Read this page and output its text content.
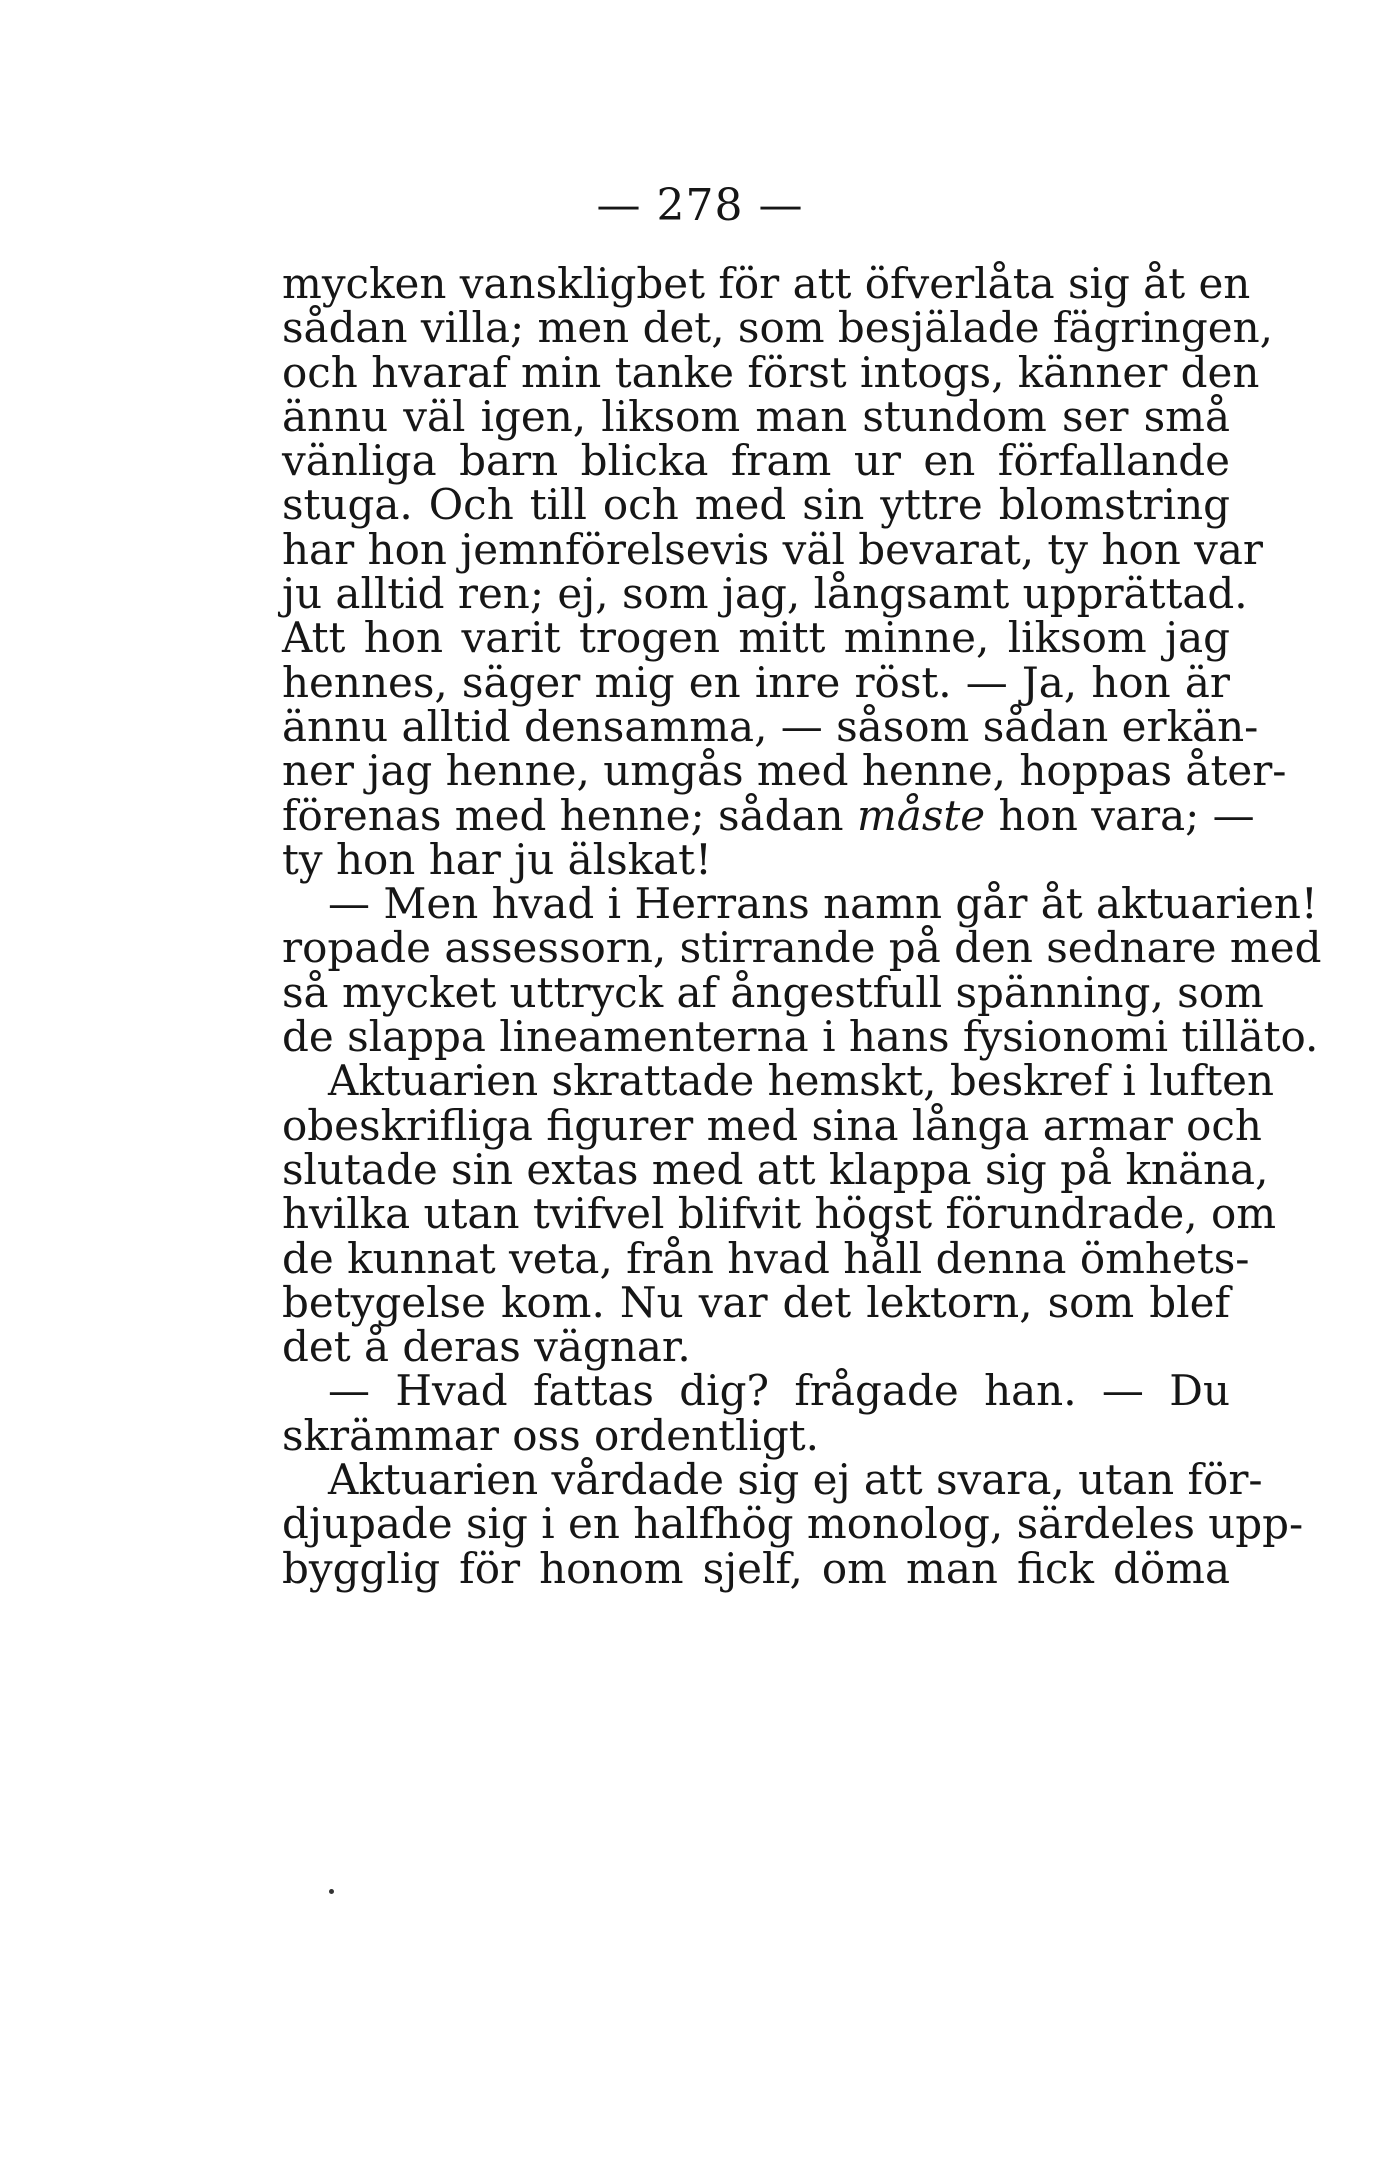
— 278 —
mycken vanskligbet för att öfverlåta sig åt en
sådan villa; men det, som besjälade fägringen,
och hvaraf min tanke först intogs, känner den
ännu väl igen, liksom man stundom ser små
vänliga barn blicka fram ur en förfallande
stuga. Och till och med sin yttre blomstring
har hon jemnförelsevis väl bevarat, ty hon var
ju alltid ren; ej, som jag, långsamt upprättad.
Att hon varit trogen mitt minne, liksom jag
hennes, säger mig en inre röst. — Ja, hon är
ännu alltid densamma, — såsom sådan erkän-
ner jag henne, umgås med henne, hoppas åter-
förenas med henne; sådan måste hon vara; —
ty hon har ju älskat!
— Men hvad i Herrans namn går åt aktuarien!
ropade assessorn, stirrande på den sednare med
så mycket uttryck af ångestfull spänning, som
de slappa lineamenterna i hans fysionomi tilläto.
Aktuarien skrattade hemskt, beskref i luften
obeskrifliga figurer med sina långa armar och
slutade sin extas med att klappa sig på knäna,
hvilka utan tvifvel blifvit högst förundrade, om
de kunnat veta, från hvad håll denna ömhets-
betygelse kom. Nu var det lektorn, som blef
det å deras vägnar.
— Hvad fattas dig? frågade han. — Du
skrämmar oss ordentligt.
Aktuarien vårdade sig ej att svara, utan för-
djupade sig i en halfhög monolog, särdeles upp-
bygglig för honom sjelf, om man fick döma
